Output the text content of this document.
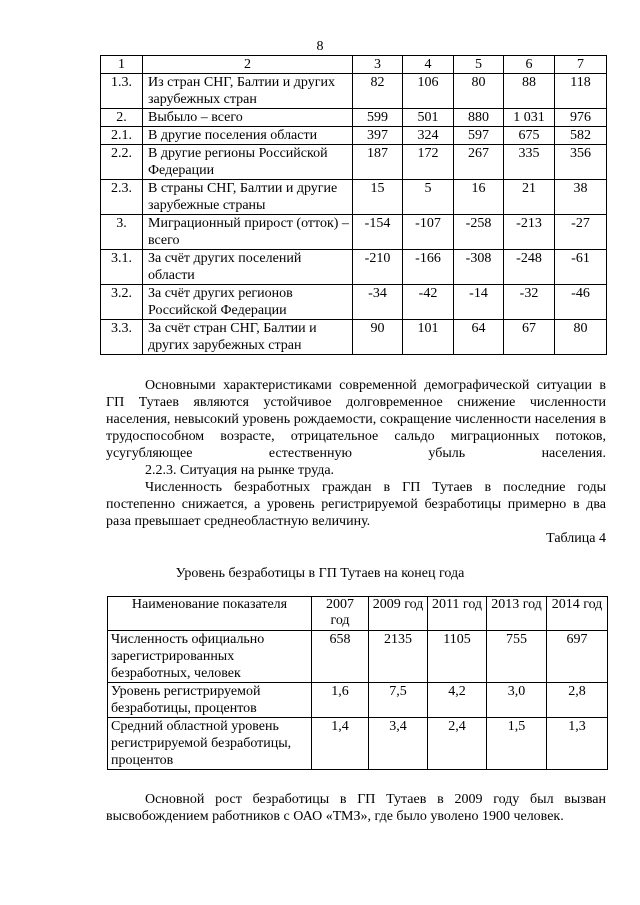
8
1	2	3	4	5	6	7
1.3.	Из стран СНГ, Балтии и других зарубежных стран	82	106	80	88	118
2.	Выбыло – всего	599	501	880	1 031	976
2.1.	В другие поселения области	397	324	597	675	582
2.2.	В другие регионы Российской Федерации	187	172	267	335	356
2.3.	В страны СНГ, Балтии и другие зарубежные страны	15	5	16	21	38
3.	Миграционный прирост (отток) – всего	-154	-107	-258	-213	-27
3.1.	За счёт других поселений области	-210	-166	-308	-248	-61
3.2.	За счёт других регионов Российской Федерации	-34	-42	-14	-32	-46
3.3.	За счёт стран СНГ, Балтии и других зарубежных стран	90	101	64	67	80
Основными характеристиками современной демографической ситуации в ГП Тутаев являются устойчивое долговременное снижение численности населения, невысокий уровень рождаемости, сокращение численности населения в трудоспособном возрасте, отрицательное сальдо миграционных потоков, усугубляющее естественную убыль населения.
2.2.3. Ситуация на рынке труда.
Численность безработных граждан в ГП Тутаев в последние годы постепенно снижается, а уровень регистрируемой безработицы примерно в два раза превышает среднеобластную величину.
Таблица 4
Уровень безработицы в ГП Тутаев на конец года
Наименование показателя	2007 год	2009 год	2011 год	2013 год	2014 год
Численность официально зарегистрированных безработных, человек	658	2135	1105	755	697
Уровень регистрируемой безработицы, процентов	1,6	7,5	4,2	3,0	2,8
Средний областной уровень регистрируемой безработицы, процентов	1,4	3,4	2,4	1,5	1,3
Основной рост безработицы в ГП Тутаев в 2009 году был вызван высвобождением работников с ОАО «ТМЗ», где было уволено 1900 человек.
